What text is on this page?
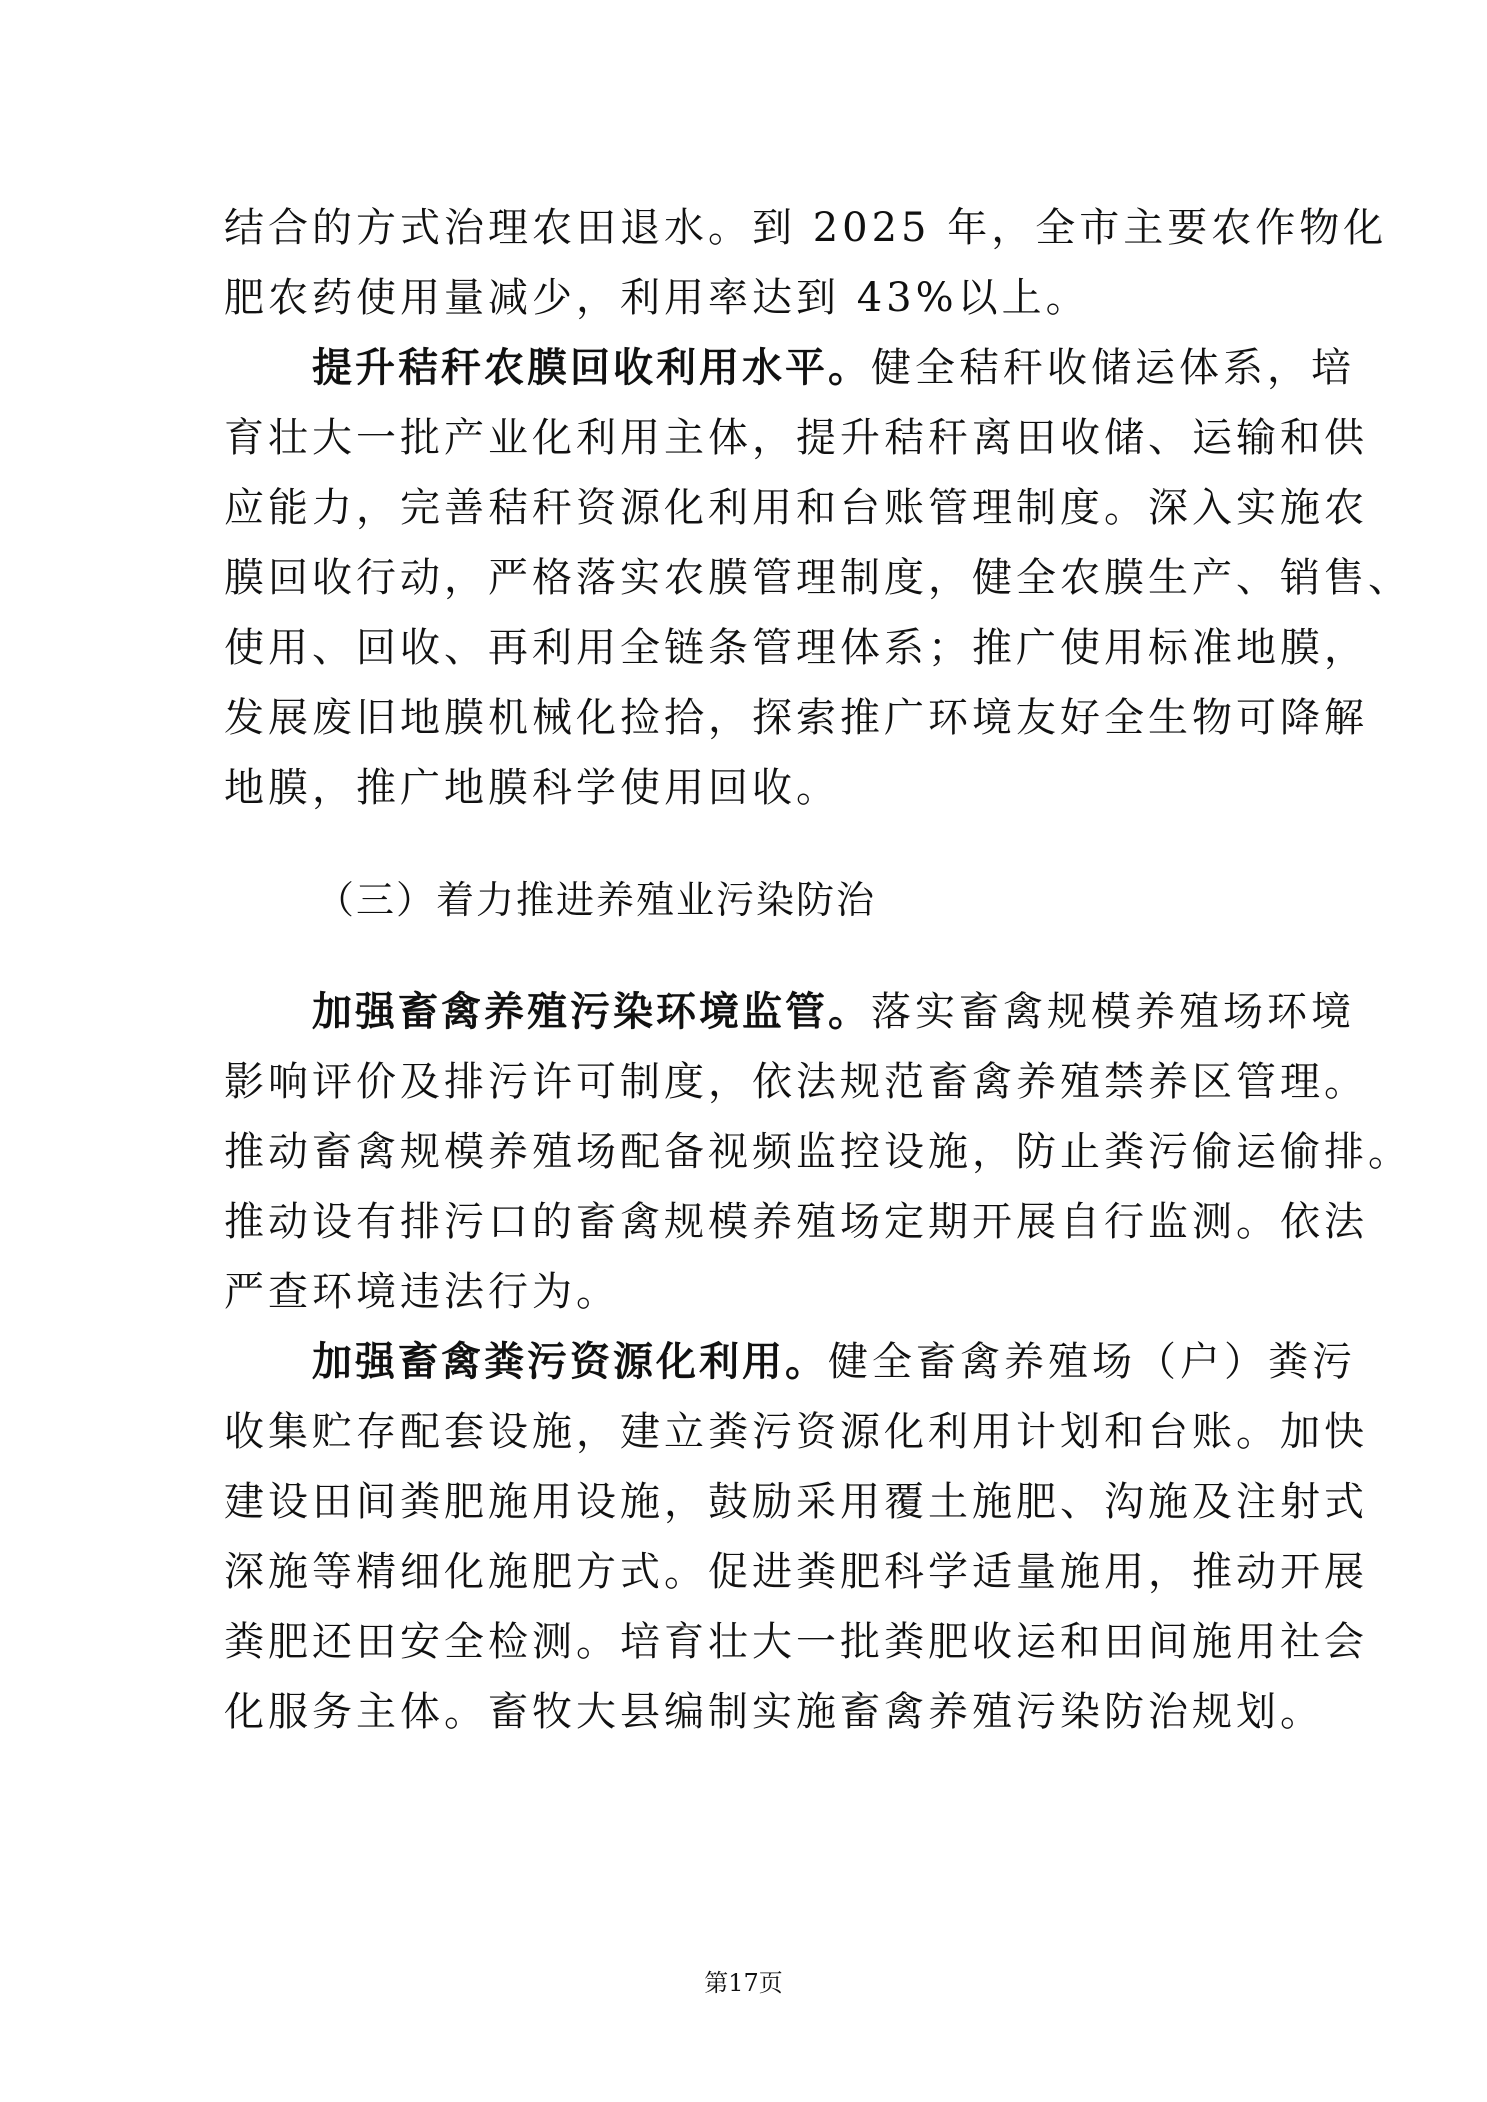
结合的方式治理农田退水。到 2025 年，全市主要农作物化
肥农药使用量减少，利用率达到 43%以上。
提升秸秆农膜回收利用水平。健全秸秆收储运体系，培
育壮大一批产业化利用主体，提升秸秆离田收储、运输和供
应能力，完善秸秆资源化利用和台账管理制度。深入实施农
膜回收行动，严格落实农膜管理制度，健全农膜生产、销售、
使用、回收、再利用全链条管理体系；推广使用标准地膜，
发展废旧地膜机械化捡拾，探索推广环境友好全生物可降解
地膜，推广地膜科学使用回收。
（三）着力推进养殖业污染防治
加强畜禽养殖污染环境监管。落实畜禽规模养殖场环境
影响评价及排污许可制度，依法规范畜禽养殖禁养区管理。
推动畜禽规模养殖场配备视频监控设施，防止粪污偷运偷排。
推动设有排污口的畜禽规模养殖场定期开展自行监测。依法
严查环境违法行为。
加强畜禽粪污资源化利用。健全畜禽养殖场（户）粪污
收集贮存配套设施，建立粪污资源化利用计划和台账。加快
建设田间粪肥施用设施，鼓励采用覆土施肥、沟施及注射式
深施等精细化施肥方式。促进粪肥科学适量施用，推动开展
粪肥还田安全检测。培育壮大一批粪肥收运和田间施用社会
化服务主体。畜牧大县编制实施畜禽养殖污染防治规划。
第17页
